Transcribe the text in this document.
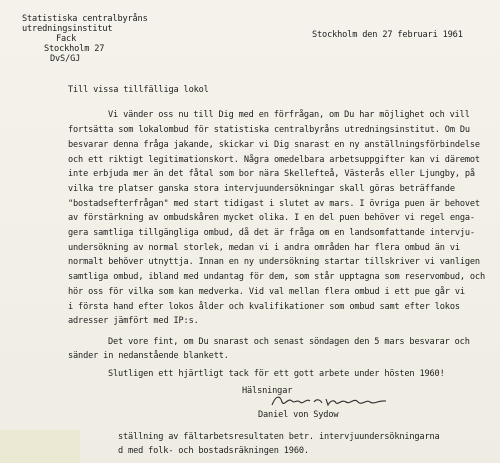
Statistiska centralbyråns
utredningsinstitut
Fack
Stockholm 27
DvS/GJ
Stockholm den 27 februari 1961
Till vissa tillfälliga lokol
Vi vänder oss nu till Dig med en förfrågan, om Du har möjlighet och vill
fortsätta som lokalombud för statistiska centralbyråns utredningsinstitut. Om Du
besvarar denna fråga jakande, skickar vi Dig snarast en ny anställningsförbindelse
och ett riktigt legitimationskort. Några omedelbara arbetsuppgifter kan vi däremot
inte erbjuda mer än det fåtal som bor nära Skellefteå, Västerås eller Ljungby, på
vilka tre platser ganska stora intervjuundersökningar skall göras beträffande
"bostadsefterfrågan" med start tidigast i slutet av mars. I övriga puen är behovet
av förstärkning av ombudskåren mycket olika. I en del puen behöver vi regel enga-
gera samtliga tillgängliga ombud, då det är fråga om en landsomfattande intervju-
undersökning av normal storlek, medan vi i andra områden har flera ombud än vi
normalt behöver utnyttja. Innan en ny undersökning startar tillskriver vi vanligen
samtliga ombud, ibland med undantag för dem, som står upptagna som reservombud, och
hör oss för vilka som kan medverka. Vid val mellan flera ombud i ett pue går vi
i första hand efter lokos ålder och kvalifikationer som ombud samt efter lokos
adresser jämfört med IP:s.
Det vore fint, om Du snarast och senast söndagen den 5 mars besvarar och
sänder in nedanstående blankett.
Slutligen ett hjärtligt tack för ett gott arbete under hösten 1960!
Hälsningar
Daniel von Sydow
ställning av fältarbetsresultaten betr. intervjuundersökningarna
d med folk- och bostadsräkningen 1960.
